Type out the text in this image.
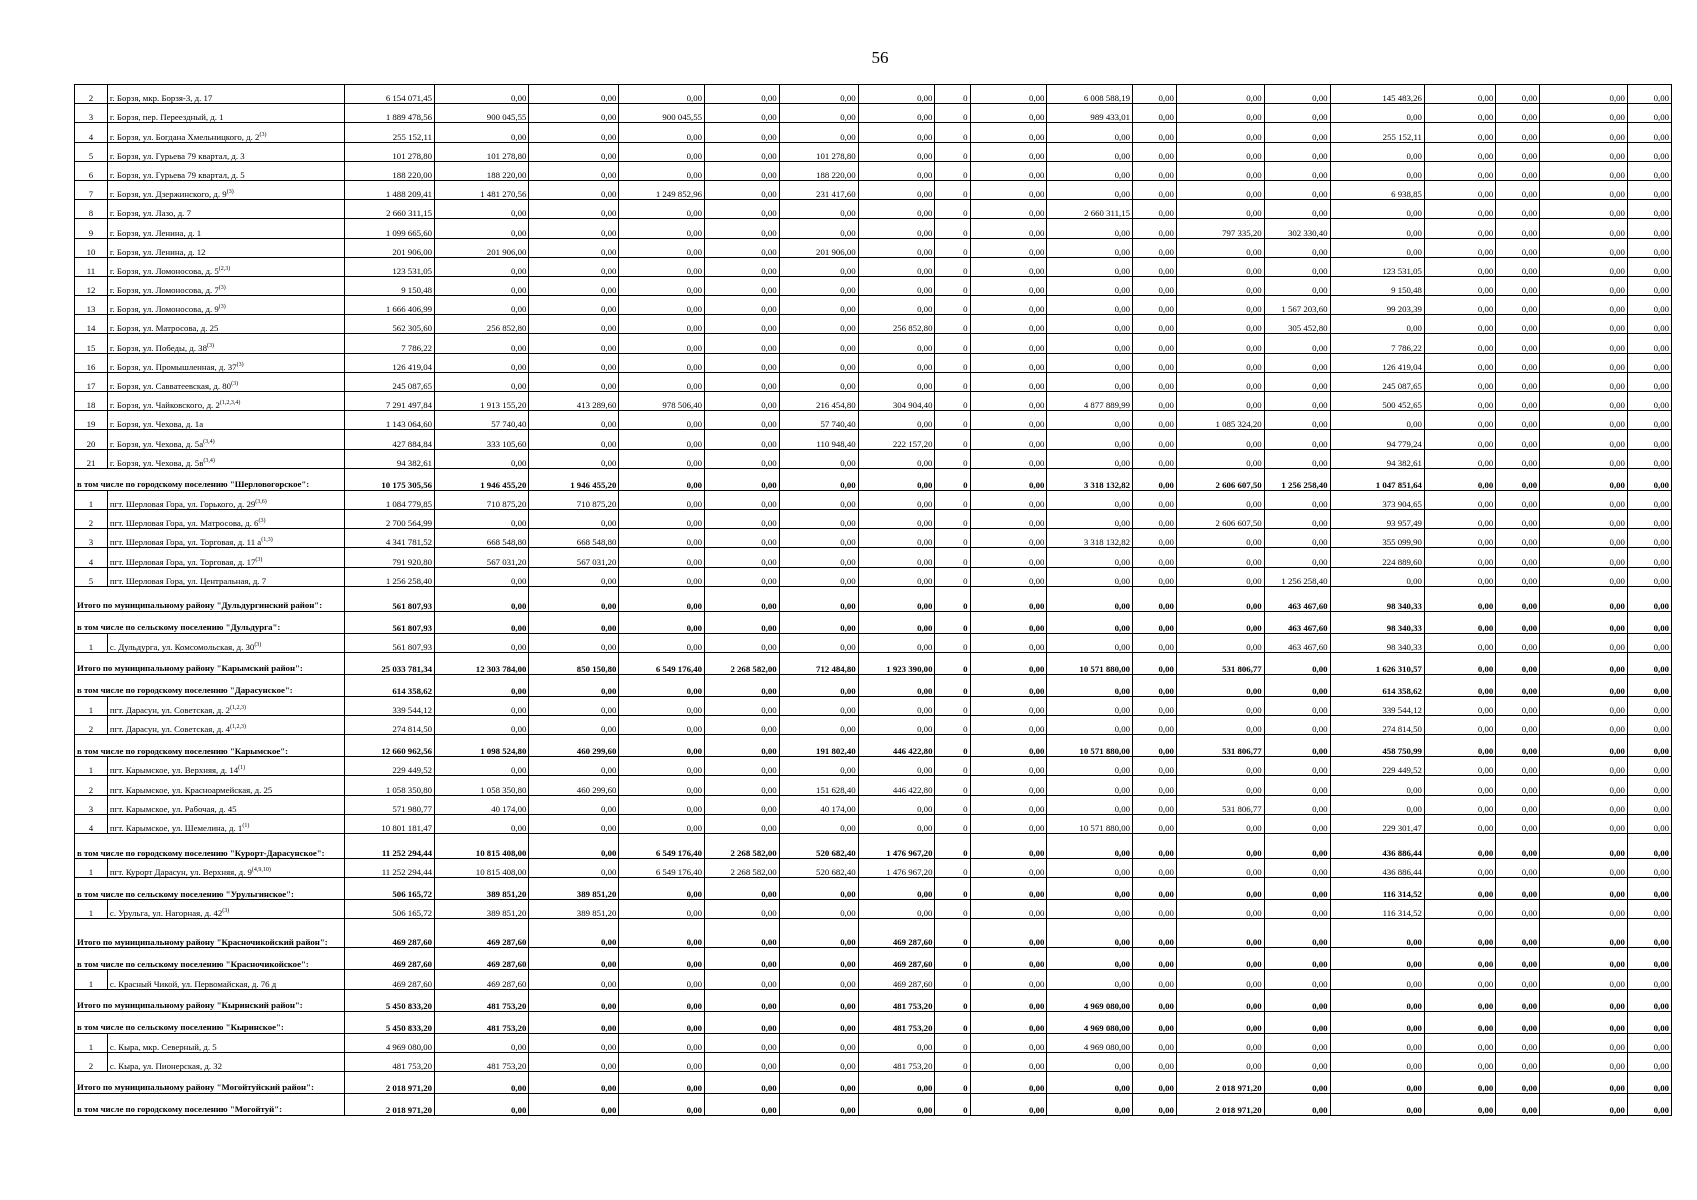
56
2	г. Борзя, мкр. Борзя-3, д. 17	6 154 071,45	0,00	0,00	0,00	0,00	0,00	0,00	0	0,00	6 008 588,19	0,00	0,00	0,00	145 483,26	0,00	0,00	0,00	0,00
3	г. Борзя, пер. Переездный, д. 1	1 889 478,56	900 045,55	0,00	900 045,55	0,00	0,00	0,00	0	0,00	989 433,01	0,00	0,00	0,00	0,00	0,00	0,00	0,00	0,00
4	г. Борзя, ул. Богдана Хмельницкого, д. 2$^{(3)}$	255 152,11	0,00	0,00	0,00	0,00	0,00	0,00	0	0,00	0,00	0,00	0,00	0,00	255 152,11	0,00	0,00	0,00	0,00
5	г. Борзя, ул. Гурьева 79 квартал, д. 3	101 278,80	101 278,80	0,00	0,00	0,00	101 278,80	0,00	0	0,00	0,00	0,00	0,00	0,00	0,00	0,00	0,00	0,00	0,00
6	г. Борзя, ул. Гурьева 79 квартал, д. 5	188 220,00	188 220,00	0,00	0,00	0,00	188 220,00	0,00	0	0,00	0,00	0,00	0,00	0,00	0,00	0,00	0,00	0,00	0,00
7	г. Борзя, ул. Дзержинского, д. 9$^{(3)}$	1 488 209,41	1 481 270,56	0,00	1 249 852,96	0,00	231 417,60	0,00	0	0,00	0,00	0,00	0,00	0,00	6 938,85	0,00	0,00	0,00	0,00
8	г. Борзя, ул. Лазо, д. 7	2 660 311,15	0,00	0,00	0,00	0,00	0,00	0,00	0	0,00	2 660 311,15	0,00	0,00	0,00	0,00	0,00	0,00	0,00	0,00
9	г. Борзя, ул. Ленина, д. 1	1 099 665,60	0,00	0,00	0,00	0,00	0,00	0,00	0	0,00	0,00	0,00	797 335,20	302 330,40	0,00	0,00	0,00	0,00	0,00
10	г. Борзя, ул. Ленина, д. 12	201 906,00	201 906,00	0,00	0,00	0,00	201 906,00	0,00	0	0,00	0,00	0,00	0,00	0,00	0,00	0,00	0,00	0,00	0,00
11	г. Борзя, ул. Ломоносова, д. 5$^{(2,3)}$	123 531,05	0,00	0,00	0,00	0,00	0,00	0,00	0	0,00	0,00	0,00	0,00	0,00	123 531,05	0,00	0,00	0,00	0,00
12	г. Борзя, ул. Ломоносова, д. 7$^{(3)}$	9 150,48	0,00	0,00	0,00	0,00	0,00	0,00	0	0,00	0,00	0,00	0,00	0,00	9 150,48	0,00	0,00	0,00	0,00
13	г. Борзя, ул. Ломоносова, д. 9$^{(3)}$	1 666 406,99	0,00	0,00	0,00	0,00	0,00	0,00	0	0,00	0,00	0,00	0,00	1 567 203,60	99 203,39	0,00	0,00	0,00	0,00
14	г. Борзя, ул. Матросова, д. 25	562 305,60	256 852,80	0,00	0,00	0,00	0,00	256 852,80	0	0,00	0,00	0,00	0,00	305 452,80	0,00	0,00	0,00	0,00	0,00
15	г. Борзя, ул. Победы, д. 38$^{(3)}$	7 786,22	0,00	0,00	0,00	0,00	0,00	0,00	0	0,00	0,00	0,00	0,00	0,00	7 786,22	0,00	0,00	0,00	0,00
16	г. Борзя, ул. Промышленная, д. 37$^{(3)}$	126 419,04	0,00	0,00	0,00	0,00	0,00	0,00	0	0,00	0,00	0,00	0,00	0,00	126 419,04	0,00	0,00	0,00	0,00
17	г. Борзя, ул. Савватеевская, д. 80$^{(3)}$	245 087,65	0,00	0,00	0,00	0,00	0,00	0,00	0	0,00	0,00	0,00	0,00	0,00	245 087,65	0,00	0,00	0,00	0,00
18	г. Борзя, ул. Чайковского, д. 2$^{(1,2,3,4)}$	7 291 497,84	1 913 155,20	413 289,60	978 506,40	0,00	216 454,80	304 904,40	0	0,00	4 877 889,99	0,00	0,00	0,00	500 452,65	0,00	0,00	0,00	0,00
19	г. Борзя, ул. Чехова, д. 1а	1 143 064,60	57 740,40	0,00	0,00	0,00	57 740,40	0,00	0	0,00	0,00	0,00	1 085 324,20	0,00	0,00	0,00	0,00	0,00	0,00
20	г. Борзя, ул. Чехова, д. $5а^{(3,4)}$	427 884,84	333 105,60	0,00	0,00	0,00	110 948,40	222 157,20	0	0,00	0,00	0,00	0,00	0,00	94 779,24	0,00	0,00	0,00	0,00
21	г. Борзя, ул. Чехова, д. $5в^{(3,4)}$	94 382,61	0,00	0,00	0,00	0,00	0,00	0,00	0	0,00	0,00	0,00	0,00	0,00	94 382,61	0,00	0,00	0,00	0,00
в том числе по городскому поселению "Шерловогорское":		10 175 305,56	1 946 455,20	1 946 455,20	0,00	0,00	0,00	0,00	0	0,00	3 318 132,82	0,00	2 606 607,50	1 256 258,40	1 047 851,64	0,00	0,00	0,00	0,00
1	пгт. Шерловая Гора, ул. Горького, д. 29$^{(3,6)}$	1 084 779,85	710 875,20	710 875,20	0,00	0,00	0,00	0,00	0	0,00	0,00	0,00	0,00	0,00	373 904,65	0,00	0,00	0,00	0,00
2	пгт. Шерловая Гора, ул. Матросова, д. 6$^{(3)}$	2 700 564,99	0,00	0,00	0,00	0,00	0,00	0,00	0	0,00	0,00	0,00	2 606 607,50	0,00	93 957,49	0,00	0,00	0,00	0,00
3	пгт. Шерловая Гора, ул. Торговая, д. 11 $а^{(1,3)}$	4 341 781,52	668 548,80	668 548,80	0,00	0,00	0,00	0,00	0	0,00	3 318 132,82	0,00	0,00	0,00	355 099,90	0,00	0,00	0,00	0,00
4	пгт. Шерловая Гора, ул. Торговая, д. 17$^{(3)}$	791 920,80	567 031,20	567 031,20	0,00	0,00	0,00	0,00	0	0,00	0,00	0,00	0,00	0,00	224 889,60	0,00	0,00	0,00	0,00
5	пгт. Шерловая Гора, ул. Центральная, д. 7	1 256 258,40	0,00	0,00	0,00	0,00	0,00	0,00	0	0,00	0,00	0,00	0,00	1 256 258,40	0,00	0,00	0,00	0,00	0,00
Итого по муниципальному району "Дульдургинский район":		561 807,93	0,00	0,00	0,00	0,00	0,00	0,00	0	0,00	0,00	0,00	0,00	463 467,60	98 340,33	0,00	0,00	0,00	0,00
в том числе по сельскому поселению "Дульдурга":		561 807,93	0,00	0,00	0,00	0,00	0,00	0,00	0	0,00	0,00	0,00	0,00	463 467,60	98 340,33	0,00	0,00	0,00	0,00
1	с. Дульдурга, ул. Комсомольская, д. 30$^{(3)}$	561 807,93	0,00	0,00	0,00	0,00	0,00	0,00	0	0,00	0,00	0,00	0,00	463 467,60	98 340,33	0,00	0,00	0,00	0,00
Итого по муниципальному району "Карымский район":		25 033 781,34	12 303 784,00	850 150,80	6 549 176,40	2 268 582,00	712 484,80	1 923 390,00	0	0,00	10 571 880,00	0,00	531 806,77	0,00	1 626 310,57	0,00	0,00	0,00	0,00
в том числе по городскому поселению "Дарасунское":		614 358,62	0,00	0,00	0,00	0,00	0,00	0,00	0	0,00	0,00	0,00	0,00	0,00	614 358,62	0,00	0,00	0,00	0,00
1	пгт. Дарасун, ул. Советская, д. 2$^{(1,2,3)}$	339 544,12	0,00	0,00	0,00	0,00	0,00	0,00	0	0,00	0,00	0,00	0,00	0,00	339 544,12	0,00	0,00	0,00	0,00
2	пгт. Дарасун, ул. Советская, д. 4$^{(1,2,3)}$	274 814,50	0,00	0,00	0,00	0,00	0,00	0,00	0	0,00	0,00	0,00	0,00	0,00	274 814,50	0,00	0,00	0,00	0,00
в том числе по городскому поселению "Карымское":		12 660 962,56	1 098 524,80	460 299,60	0,00	0,00	191 802,40	446 422,80	0	0,00	10 571 880,00	0,00	531 806,77	0,00	458 750,99	0,00	0,00	0,00	0,00
1	пгт. Карымское, ул. Верхняя, д. 14$^{(1)}$	229 449,52	0,00	0,00	0,00	0,00	0,00	0,00	0	0,00	0,00	0,00	0,00	0,00	229 449,52	0,00	0,00	0,00	0,00
2	пгт. Карымское, ул. Красноармейская, д. 25	1 058 350,80	1 058 350,80	460 299,60	0,00	0,00	151 628,40	446 422,80	0	0,00	0,00	0,00	0,00	0,00	0,00	0,00	0,00	0,00	0,00
3	пгт. Карымское, ул. Рабочая, д. 45	571 980,77	40 174,00	0,00	0,00	0,00	40 174,00	0,00	0	0,00	0,00	0,00	531 806,77	0,00	0,00	0,00	0,00	0,00	0,00
4	пгт. Карымское, ул. Шемелина, д. 1$^{(1)}$	10 801 181,47	0,00	0,00	0,00	0,00	0,00	0,00	0	0,00	10 571 880,00	0,00	0,00	0,00	229 301,47	0,00	0,00	0,00	0,00
в том числе по городскому поселению "Курорт-Дарасунское":		11 252 294,44	10 815 408,00	0,00	6 549 176,40	2 268 582,00	520 682,40	1 476 967,20	0	0,00	0,00	0,00	0,00	0,00	436 886,44	0,00	0,00	0,00	0,00
1	пгт. Курорт Дарасун, ул. Верхняя, д. 9$^{(4,9,10)}$	11 252 294,44	10 815 408,00	0,00	6 549 176,40	2 268 582,00	520 682,40	1 476 967,20	0	0,00	0,00	0,00	0,00	0,00	436 886,44	0,00	0,00	0,00	0,00
в том числе по сельскому поселению "Урульгинское":		506 165,72	389 851,20	389 851,20	0,00	0,00	0,00	0,00	0	0,00	0,00	0,00	0,00	0,00	116 314,52	0,00	0,00	0,00	0,00
1	с. Урульга, ул. Нагорная, д. 42$^{(3)}$	506 165,72	389 851,20	389 851,20	0,00	0,00	0,00	0,00	0	0,00	0,00	0,00	0,00	0,00	116 314,52	0,00	0,00	0,00	0,00
Итого по муниципальному району "Красночикойский район":		469 287,60	469 287,60	0,00	0,00	0,00	0,00	469 287,60	0	0,00	0,00	0,00	0,00	0,00	0,00	0,00	0,00	0,00	0,00
в том числе по сельскому поселению "Красночикойское":		469 287,60	469 287,60	0,00	0,00	0,00	0,00	469 287,60	0	0,00	0,00	0,00	0,00	0,00	0,00	0,00	0,00	0,00	0,00
1	с. Красный Чикой, ул. Первомайская, д. 76 д	469 287,60	469 287,60	0,00	0,00	0,00	0,00	469 287,60	0	0,00	0,00	0,00	0,00	0,00	0,00	0,00	0,00	0,00	0,00
Итого по муниципальному району "Кыринский район":		5 450 833,20	481 753,20	0,00	0,00	0,00	0,00	481 753,20	0	0,00	4 969 080,00	0,00	0,00	0,00	0,00	0,00	0,00	0,00	0,00
в том числе по сельскому поселению "Кыринское":		5 450 833,20	481 753,20	0,00	0,00	0,00	0,00	481 753,20	0	0,00	4 969 080,00	0,00	0,00	0,00	0,00	0,00	0,00	0,00	0,00
1	с. Кыра, мкр. Северный, д. 5	4 969 080,00	0,00	0,00	0,00	0,00	0,00	0,00	0	0,00	4 969 080,00	0,00	0,00	0,00	0,00	0,00	0,00	0,00	0,00
2	с. Кыра, ул. Пионерская, д. 32	481 753,20	481 753,20	0,00	0,00	0,00	0,00	481 753,20	0	0,00	0,00	0,00	0,00	0,00	0,00	0,00	0,00	0,00	0,00
Итого по муниципальному району "Могойтуйский район":		2 018 971,20	0,00	0,00	0,00	0,00	0,00	0,00	0	0,00	0,00	0,00	2 018 971,20	0,00	0,00	0,00	0,00	0,00	0,00
в том числе по городскому поселению "Могойтуй":		2 018 971,20	0,00	0,00	0,00	0,00	0,00	0,00	0	0,00	0,00	0,00	2 018 971,20	0,00	0,00	0,00	0,00	0,00	0,00
